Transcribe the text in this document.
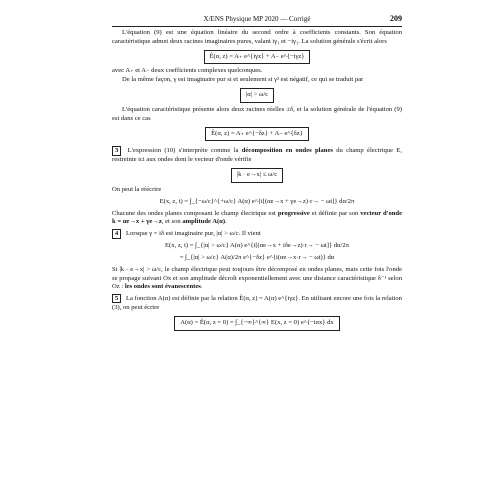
X/ENS Physique MP 2020 — Corrigé	209

L'équation (9) est une équation linéaire du second ordre à coefficients constants. Son équation caractéristique admet deux racines imaginaires pures, valant iγ₁ et −iγ₁. La solution générale s'écrit alors

Ê(α, z) = A₊ e^{iγz} + A₋ e^{−iγz}

avec A₊ et A₋ deux coefficients complexes quelconques.

De la même façon, γ est imaginaire pur si et seulement si γ² est négatif, ce qui se traduit par

|α| > ω/c

L'équation caractéristique présente alors deux racines réelles ±δ, et la solution générale de l'équation (9) est dans ce cas

Ê(α, z) = A₊ e^{−δz} + A₋ e^{δz}

3 L'expression (10) s'interprète comme la décomposition en ondes planes du champ électrique E, restreinte ici aux ondes dont le vecteur d'onde vérifie

|k · e→x| ≤ ω/c

On peut la réécrire

E(x, z, t) = ∫_{−ω/c}^{+ω/c} A(α) e^{i[(αe→x + γe→z)·r→ − ωt]} dα/2π

Chacune des ondes planes composant le champ électrique est progressive et définie par son vecteur d'onde k = αe→x + γe→z, et son amplitude A(α).

4 Lorsque γ = iδ est imaginaire pur, |α| > ω/c. Il vient

E(x, z, t) = ∫_{|α| > ω/c} A(α) e^{i[(αe→x + iδe→z)·r→ − ωt]} dα/2π
= ∫_{|α| > ω/c} A(α)/2π e^{−δz} e^{i(αe→x·r→ − ωt)} dα

Si |k · e→x| > ω/c, le champ électrique peut toujours être décomposé en ondes planes, mais cette fois l'onde se propage suivant Ox et son amplitude décroît exponentiellement avec une distance caractéristique δ⁻¹ selon Oz : les ondes sont évanescentes.

5 La fonction A(α) est définie par la relation Ê(α, z) = A(α) e^{iγz}. En utilisant encore une fois la relation (3), on peut écrire

A(α) = Ê(α, z = 0) = ∫_{−∞}^{∞} E(x, z = 0) e^{−iαx} dx
